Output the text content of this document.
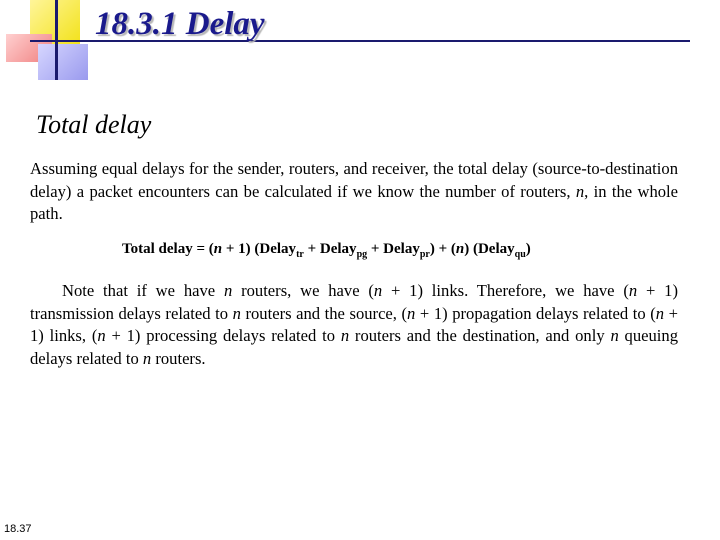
18.3.1 Delay
Total delay
Assuming equal delays for the sender, routers, and receiver, the total delay (source-to-destination delay) a packet encounters can be calculated if we know the number of routers, n, in the whole path.
Total delay = (n + 1) (Delay$_{tr}$ + Delay$_{pg}$ + Delay$_{pr}$) + (n) (Delay$_{qu}$)
Note that if we have n routers, we have (n + 1) links. Therefore, we have (n + 1) transmission delays related to n routers and the source, (n + 1) propagation delays related to (n + 1) links, (n + 1) processing delays related to n routers and the destination, and only n queuing delays related to n routers.
18.37
